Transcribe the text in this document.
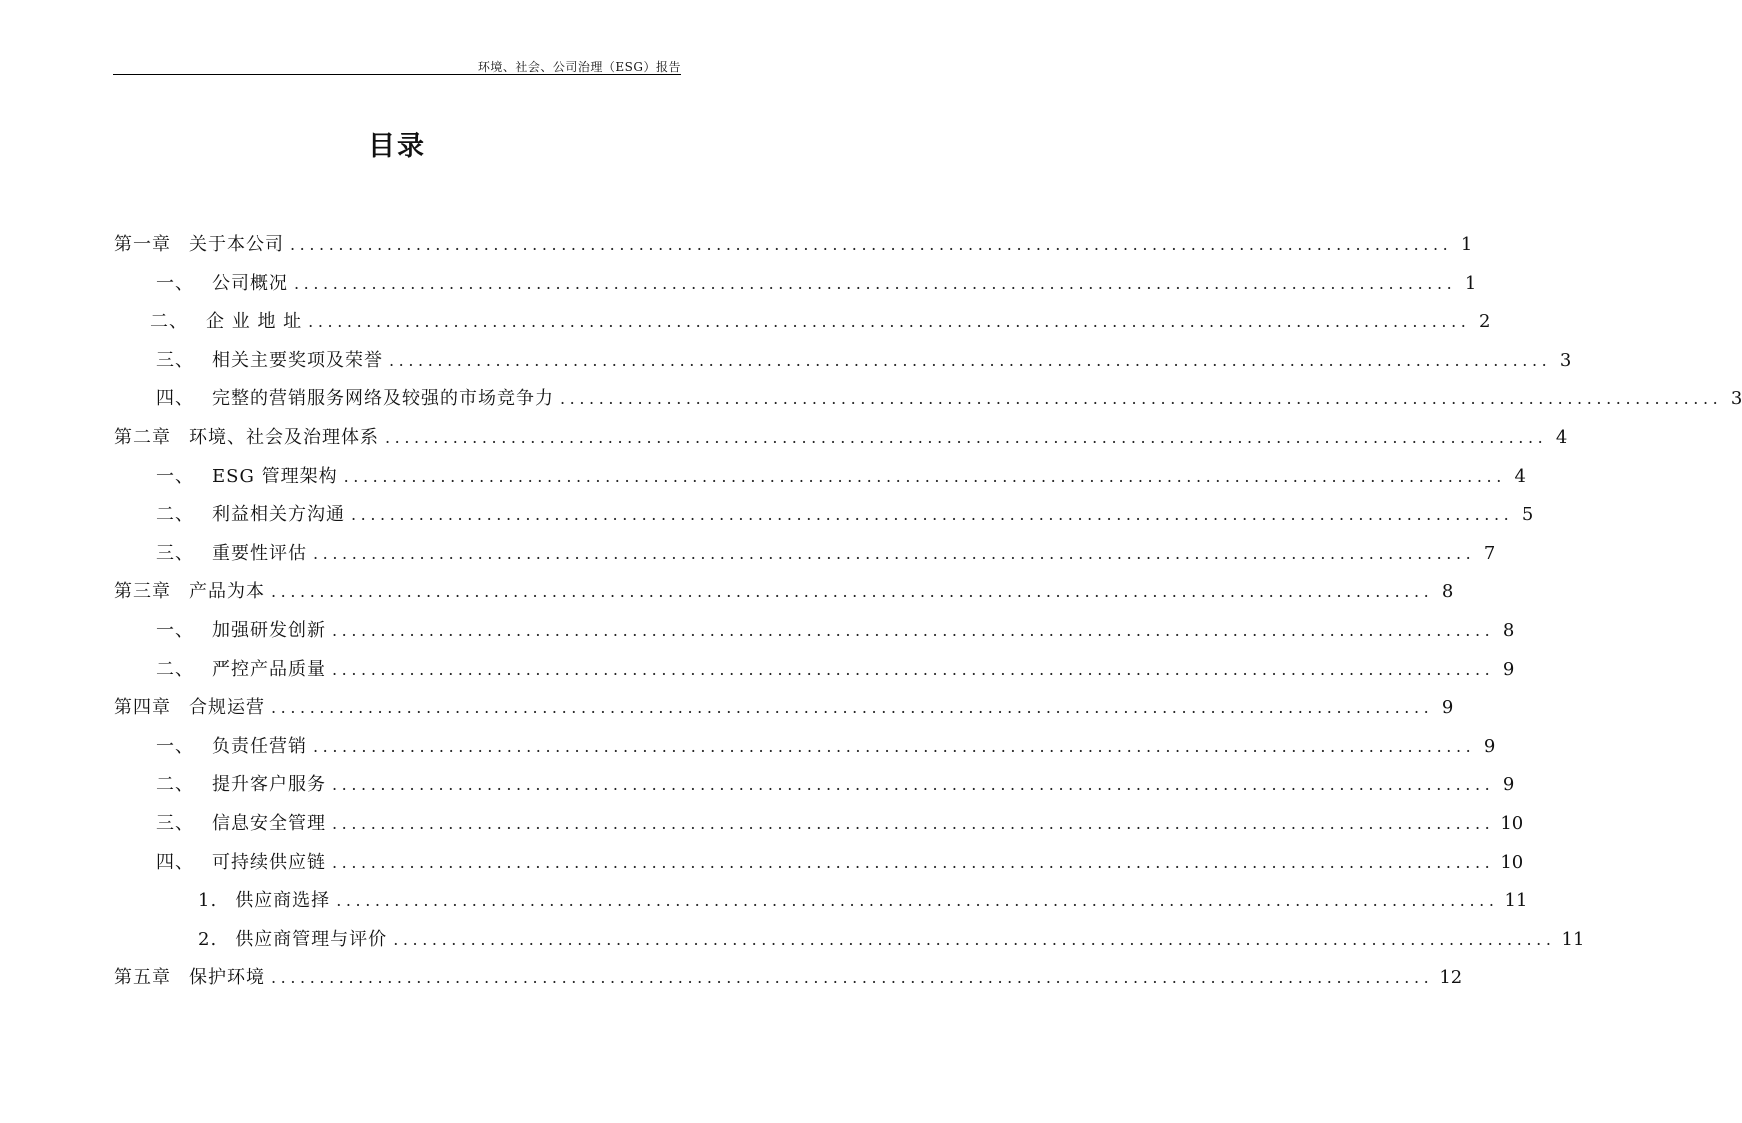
环境、社会、公司治理（ESG）报告
目录
第一章 关于本公司 ........................................................................................................................ 1
一、 公司概况 ........................................................................................................................ 1
二、 企 业 地 址 ........................................................................................................................ 2
三、 相关主要奖项及荣誉 ........................................................................................................................ 3
四、 完整的营销服务网络及较强的市场竞争力 ........................................................................................................................ 3
第二章 环境、社会及治理体系 ........................................................................................................................ 4
一、 ESG 管理架构 ........................................................................................................................ 4
二、 利益相关方沟通 ........................................................................................................................ 5
三、 重要性评估 ........................................................................................................................ 7
第三章 产品为本 ........................................................................................................................ 8
一、 加强研发创新 ........................................................................................................................ 8
二、 严控产品质量 ........................................................................................................................ 9
第四章 合规运营 ........................................................................................................................ 9
一、 负责任营销 ........................................................................................................................ 9
二、 提升客户服务 ........................................................................................................................ 9
三、 信息安全管理 ........................................................................................................................ 10
四、 可持续供应链 ........................................................................................................................ 10
1. 供应商选择 ........................................................................................................................ 11
2. 供应商管理与评价 ........................................................................................................................ 11
第五章 保护环境 ........................................................................................................................ 12
